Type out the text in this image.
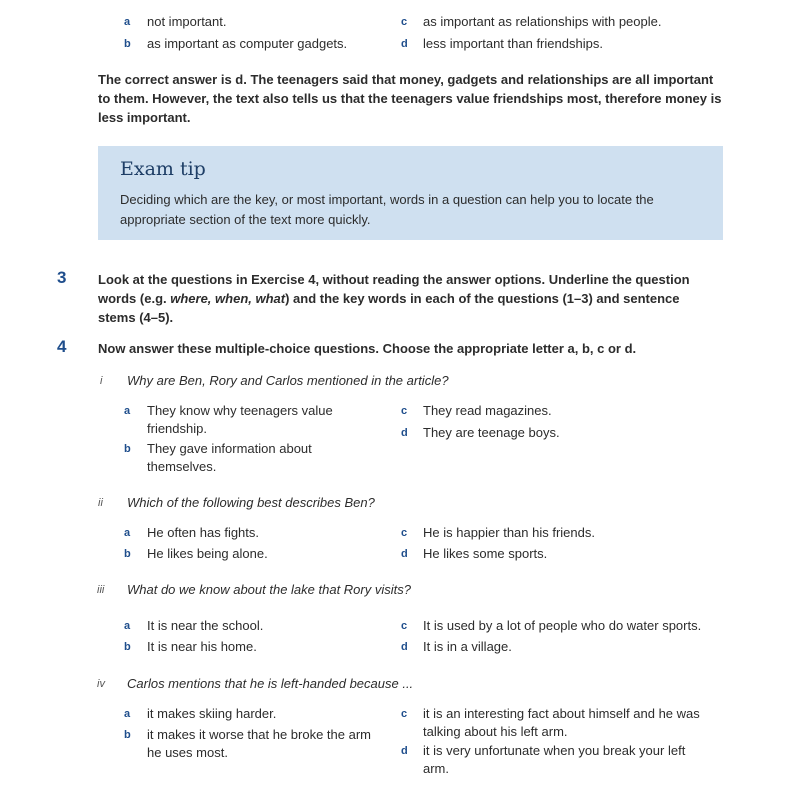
a not important.
b as important as computer gadgets.
c as important as relationships with people.
d less important than friendships.
The correct answer is d. The teenagers said that money, gadgets and relationships are all important to them. However, the text also tells us that the teenagers value friendships most, therefore money is less important.
Exam tip
Deciding which are the key, or most important, words in a question can help you to locate the appropriate section of the text more quickly.
3 Look at the questions in Exercise 4, without reading the answer options. Underline the question words (e.g. where, when, what) and the key words in each of the questions (1–3) and sentence stems (4–5).
4 Now answer these multiple-choice questions. Choose the appropriate letter a, b, c or d.
i Why are Ben, Rory and Carlos mentioned in the article?
a They know why teenagers value friendship.
b They gave information about themselves.
c They read magazines.
d They are teenage boys.
ii Which of the following best describes Ben?
a He often has fights.
b He likes being alone.
c He is happier than his friends.
d He likes some sports.
iii What do we know about the lake that Rory visits?
a It is near the school.
b It is near his home.
c It is used by a lot of people who do water sports.
d It is in a village.
iv Carlos mentions that he is left-handed because ...
a it makes skiing harder.
b it makes it worse that he broke the arm he uses most.
c it is an interesting fact about himself and he was talking about his left arm.
d it is very unfortunate when you break your left arm.
